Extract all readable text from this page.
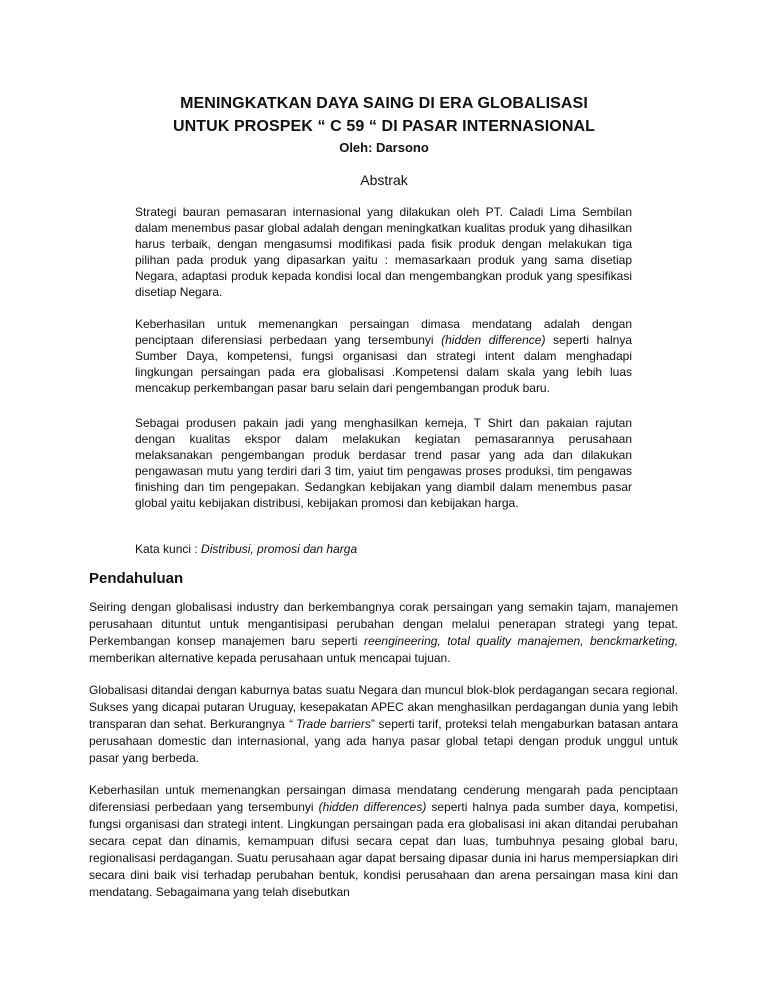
MENINGKATKAN DAYA SAING DI ERA GLOBALISASI
UNTUK PROSPEK “ C 59 “ DI PASAR INTERNASIONAL
Oleh: Darsono
Abstrak

Strategi bauran pemasaran internasional yang dilakukan oleh PT. Caladi Lima Sembilan dalam menembus pasar global adalah dengan meningkatkan kualitas produk yang dihasilkan harus terbaik, dengan mengasumsi modifikasi pada fisik produk dengan melakukan tiga pilihan pada produk yang dipasarkan yaitu : memasarkaan produk yang sama disetiap Negara, adaptasi produk kepada kondisi local dan mengembangkan produk yang spesifikasi disetiap Negara.

Keberhasilan untuk memenangkan persaingan dimasa mendatang adalah dengan penciptaan diferensiasi perbedaan yang tersembunyi (hidden difference) seperti halnya Sumber Daya, kompetensi, fungsi organisasi dan strategi intent dalam menghadapi lingkungan persaingan pada era globalisasi .Kompetensi dalam skala yang lebih luas mencakup perkembangan pasar baru selain dari pengembangan produk baru.

Sebagai produsen pakain jadi yang menghasilkan kemeja, T Shirt dan pakaian rajutan dengan kualitas ekspor dalam melakukan kegiatan pemasarannya perusahaan melaksanakan pengembangan produk berdasar trend pasar yang ada dan dilakukan pengawasan mutu yang terdiri dari 3 tim, yaiut tim pengawas proses produksi, tim pengawas finishing dan tim pengepakan. Sedangkan kebijakan yang diambil dalam menembus pasar global yaitu kebijakan distribusi, kebijakan promosi dan kebijakan harga.

Kata kunci : Distribusi, promosi dan harga
Pendahuluan

Seiring dengan globalisasi industry dan berkembangnya corak persaingan yang semakin tajam, manajemen perusahaan dituntut untuk mengantisipasi perubahan dengan melalui penerapan strategi yang tepat. Perkembangan konsep manajemen baru seperti reengineering, total quality manajemen, benckmarketing, memberikan alternative kepada perusahaan untuk mencapai tujuan.

Globalisasi ditandai dengan kaburnya batas suatu Negara dan muncul blok-blok perdagangan secara regional. Sukses yang dicapai putaran Uruguay, kesepakatan APEC akan menghasilkan perdagangan dunia yang lebih transparan dan sehat. Berkurangnya “ Trade barriers” seperti tarif, proteksi telah mengaburkan batasan antara perusahaan domestic dan internasional, yang ada hanya pasar global tetapi dengan produk unggul untuk pasar yang berbeda.

Keberhasilan untuk memenangkan persaingan dimasa mendatang cenderung mengarah pada penciptaan diferensiasi perbedaan yang tersembunyi (hidden differences) seperti halnya pada sumber daya, kompetisi, fungsi organisasi dan strategi intent. Lingkungan persaingan pada era globalisasi ini akan ditandai perubahan secara cepat dan dinamis, kemampuan difusi secara cepat dan luas, tumbuhnya pesaing global baru, regionalisasi perdagangan. Suatu perusahaan agar dapat bersaing dipasar dunia ini harus mempersiapkan diri secara dini baik visi terhadap perubahan bentuk, kondisi perusahaan dan arena persaingan masa kini dan mendatang. Sebagaimana yang telah disebutkan
